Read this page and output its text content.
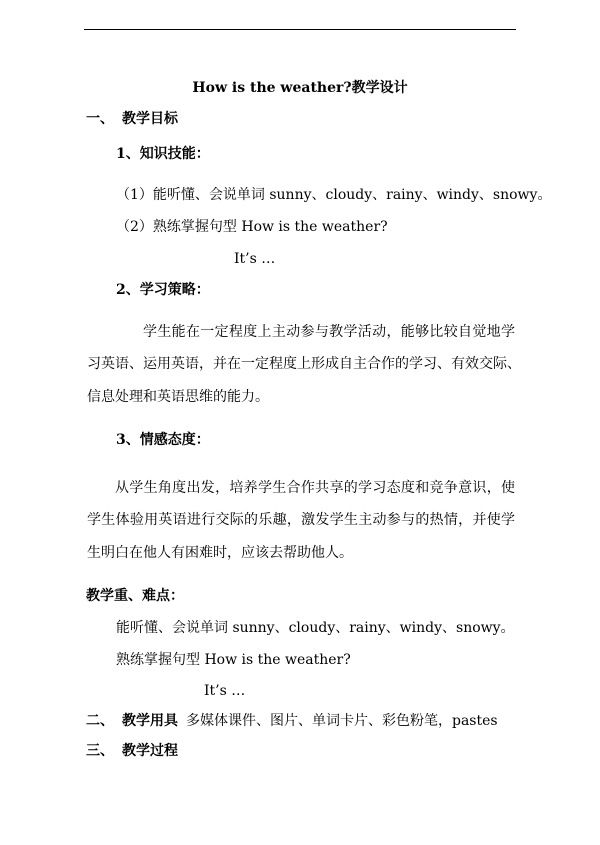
How is the weather?教学设计
一、 教学目标
1、知识技能：
（1）能听懂、会说单词 sunny、cloudy、rainy、windy、snowy。
（2）熟练掌握句型 How is the weather?
It’s …
2、学习策略：
学生能在一定程度上主动参与教学活动，能够比较自觉地学
习英语、运用英语，并在一定程度上形成自主合作的学习、有效交际、
信息处理和英语思维的能力。
3、情感态度：
从学生角度出发，培养学生合作共享的学习态度和竞争意识，使
学生体验用英语进行交际的乐趣，激发学生主动参与的热情，并使学
生明白在他人有困难时，应该去帮助他人。
教学重、难点：
能听懂、会说单词 sunny、cloudy、rainy、windy、snowy。
熟练掌握句型 How is the weather?
It’s …
二、 教学用具 多媒体课件、图片、单词卡片、彩色粉笔，pastes
三、 教学过程
